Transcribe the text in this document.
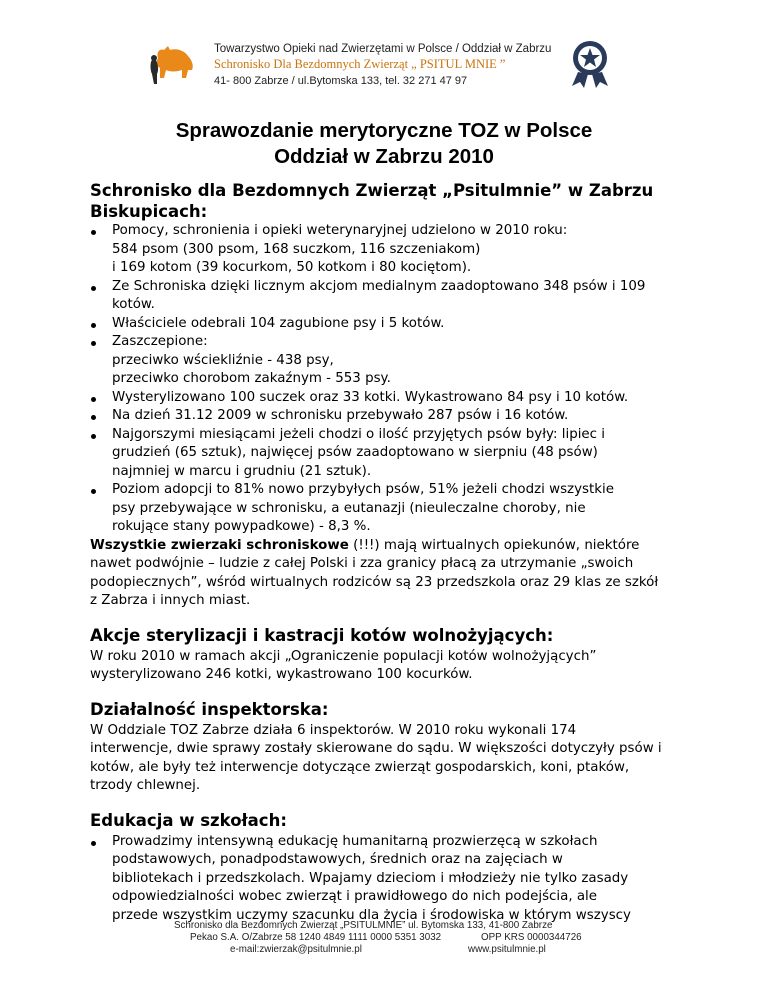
Towarzystwo Opieki nad Zwierzętami w Polsce / Oddział w Zabrzu
Schronisko Dla Bezdomnych Zwierząt „ PSITUL MNIE ”
41- 800 Zabrze / ul.Bytomska 133, tel. 32 271 47 97
Sprawozdanie merytoryczne TOZ w Polsce
Oddział w Zabrzu 2010
Schronisko dla Bezdomnych Zwierząt „Psitulmnie” w Zabrzu
Biskupicach:
Pomocy, schronienia i opieki weterynaryjnej udzielono w 2010 roku:
584 psom (300 psom, 168 suczkom, 116 szczeniakom)
i 169 kotom (39 kocurkom, 50 kotkom i 80 kociętom).
Ze Schroniska dzięki licznym akcjom medialnym zaadoptowano 348 psów i 109
kotów.
Właściciele odebrali 104 zagubione psy i 5 kotów.
Zaszczepione:
przeciwko wściekliźnie - 438 psy,
przeciwko chorobom zakaźnym - 553 psy.
Wysterylizowano 100 suczek oraz 33 kotki. Wykastrowano 84 psy i 10 kotów.
Na dzień 31.12 2009 w schronisku przebywało 287 psów i 16 kotów.
Najgorszymi miesiącami jeżeli chodzi o ilość przyjętych psów były: lipiec i
grudzień (65 sztuk), najwięcej psów zaadoptowano w sierpniu (48 psów)
najmniej w marcu i grudniu (21 sztuk).
Poziom adopcji to 81% nowo przybyłych psów, 51% jeżeli chodzi wszystkie
psy przebywające w schronisku, a eutanazji (nieuleczalne choroby, nie
rokujące stany powypadkowe) - 8,3 %.
Wszystkie zwierzaki schroniskowe (!!!) mają wirtualnych opiekunów, niektóre
nawet podwójnie – ludzie z całej Polski i zza granicy płacą za utrzymanie „swoich
podopiecznych”, wśród wirtualnych rodziców są 23 przedszkola oraz 29 klas ze szkół
z Zabrza i innych miast.
Akcje sterylizacji i kastracji kotów wolnożyjących:
W roku 2010 w ramach akcji „Ograniczenie populacji kotów wolnożyjących”
wysterylizowano 246 kotki, wykastrowano 100 kocurków.
Działalność inspektorska:
W Oddziale TOZ Zabrze działa 6 inspektorów. W 2010 roku wykonali 174
interwencje, dwie sprawy zostały skierowane do sądu. W większości dotyczyły psów i
kotów, ale były też interwencje dotyczące zwierząt gospodarskich, koni, ptaków,
trzody chlewnej.
Edukacja w szkołach:
Prowadzimy intensywną edukację humanitarną prozwierzęcą w szkołach
podstawowych, ponadpodstawowych, średnich oraz na zajęciach w
bibliotekach i przedszkolach. Wpajamy dzieciom i młodzieży nie tylko zasady
odpowiedzialności wobec zwierząt i prawidłowego do nich podejścia, ale
przede wszystkim uczymy szacunku dla życia i środowiska w którym wszyscy
Schronisko dla Bezdomnych Zwierząt „PSITULMNIE” ul. Bytomska 133, 41-800 Zabrze
Pekao S.A. O/Zabrze 58 1240 4849 1111 0000 5351 3032	OPP KRS 0000344726
e-mail:zwierzak@psitulmnie.pl	www.psitulmnie.pl
